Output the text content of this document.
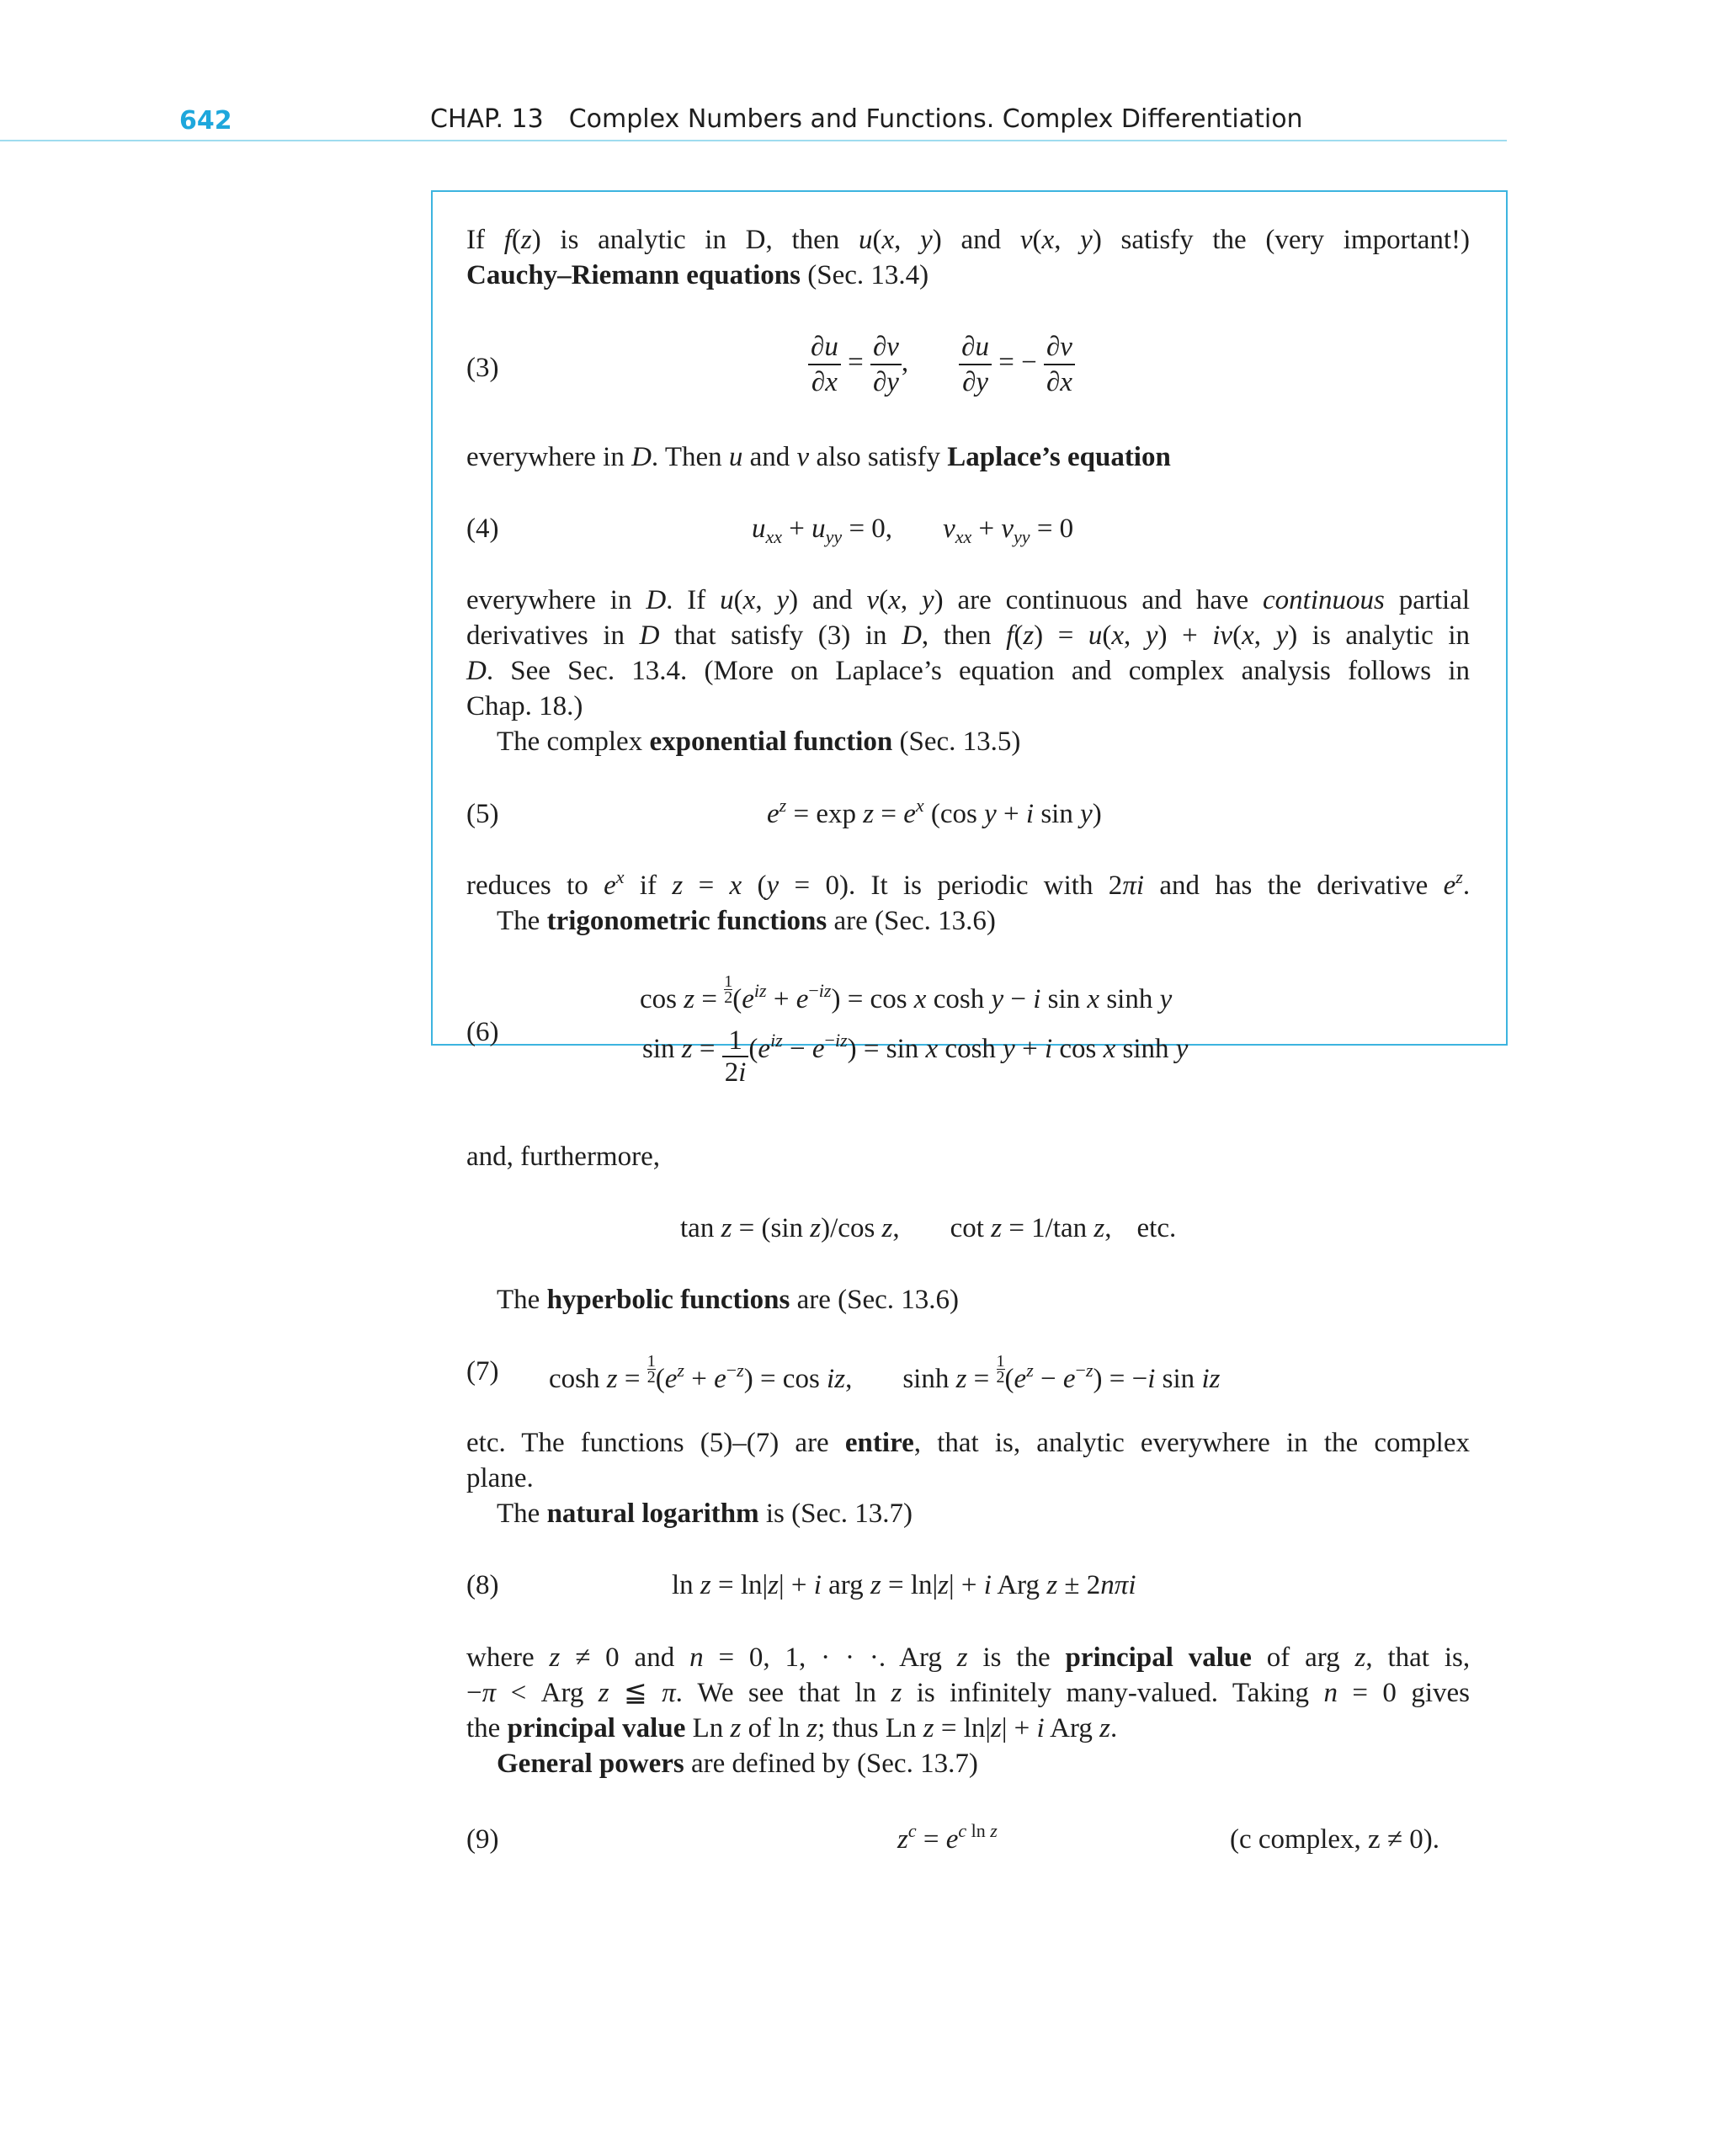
642	CHAP. 13 Complex Numbers and Functions. Complex Differentiation
If f(z) is analytic in D, then u(x, y) and v(x, y) satisfy the (very important!)
Cauchy–Riemann equations (Sec. 13.4)
(3)	$\frac{\partial u}{\partial x} = \frac{\partial v}{\partial y}$ , $\frac{\partial u}{\partial y}$ = − $\frac{\partial v}{\partial x}$
everywhere in D. Then u and v also satisfy Laplace’s equation
(4)	$u_{xx} + u_{yy} = 0$, $v_{xx} + v_{yy} = 0$
everywhere in D. If u(x, y) and v(x, y) are continuous and have continuous partial
derivatives in D that satisfy (3) in D, then f(z) = u(x, y) + iv(x, y) is analytic in
D. See Sec. 13.4. (More on Laplace’s equation and complex analysis follows in
Chap. 18.)
The complex exponential function (Sec. 13.5)
(5)	$e^z = \exp z = e^x$ (cos y + i sin y)
reduces to $e^x$ if z = x (y = 0). It is periodic with 2πi and has the derivative $e^z$.
The trigonometric functions are (Sec. 13.6)
(6)
$\cos z = \frac{1}{2} (e^{iz} + e^{-iz}) = \cos x$ cosh y − i sin x sinh y
$\sin z = \frac{1}{2i} (e^{iz} - e^{-iz}) = \sin x$ cosh y + i cos x sinh y
and, furthermore,
tan z = (sin z)/cos z, cot z = 1/tan z, etc.
The hyperbolic functions are (Sec. 13.6)
(7) $\cosh z = \frac{1}{2} (e^z + e^{-z}) = \cos$ iz, $\sinh z = \frac{1}{2} (e^z - e^{-z}) = -i$ sin iz
etc. The functions (5)–(7) are entire, that is, analytic everywhere in the complex
plane.
The natural logarithm is (Sec. 13.7)
(8)	ln z = ln|z| + i arg z = ln|z| + i Arg z ± 2nπi
where z ≠ 0 and n = 0, 1, · · ·. Arg z is the principal value of arg z, that is,
−π < Arg z ≦ π. We see that ln z is infinitely many-valued. Taking n = 0 gives
the principal value Ln z of ln z; thus Ln z = ln|z| + i Arg z.
General powers are defined by (Sec. 13.7)
(9)	$z^c = e^{c ln z}$	(c complex, z ≠ 0).
